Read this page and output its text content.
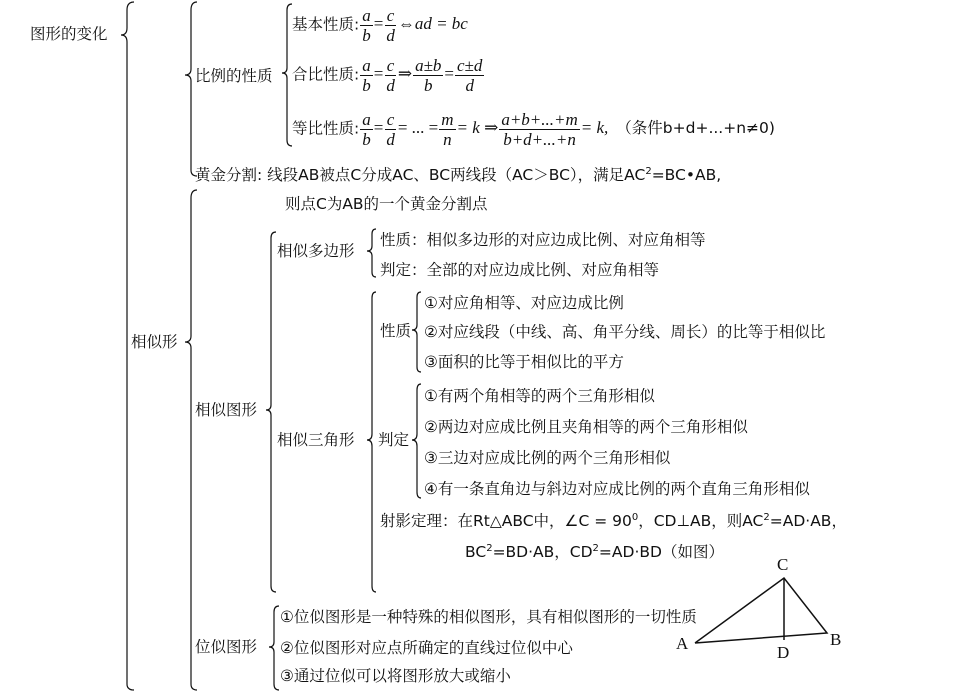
图形的变化
比例的性质
基本性质: $\frac{a}{b} = \frac{c}{d}$ ⇔ad = bc
合比性质: $\frac{a}{b} = \frac{c}{d}$ ⇒ $\frac{a\pm b}{b} = \frac{c\pm d}{d}$
等比性质: $\frac{a}{b} = \frac{c}{d}$ = ... = $\frac{m}{n} = k$ ⇒ $\frac{a+b+...+m}{b+d+...+n} = k$, （条件b+d+...+n≠0)
黄金分割: 线段AB被点C分成AC、BC两线段（AC＞BC），满足$AC^2=BC•AB$,
则点C为AB的一个黄金分割点
相似形
相似图形
相似多边形
性质：相似多边形的对应边成比例、对应角相等
判定：全部的对应边成比例、对应角相等
相似三角形
性质
①对应角相等、对应边成比例
②对应线段（中线、高、角平分线、周长）的比等于相似比
③面积的比等于相似比的平方
判定
①有两个角相等的两个三角形相似
②两边对应成比例且夹角相等的两个三角形相似
③三边对应成比例的两个三角形相似
④有一条直角边与斜边对应成比例的两个直角三角形相似
射影定理：在Rt△ABC中，∠C = $90^0$，CD⊥AB，则$AC^2=AD\cdot AB$，
$BC^2=BD\cdot AB$，$CD^2=AD\cdot BD$（如图）
位似图形
①位似图形是一种特殊的相似图形，具有相似图形的一切性质
②位似图形对应点所确定的直线过位似中心
③通过位似可以将图形放大或缩小
C
A	B
D
